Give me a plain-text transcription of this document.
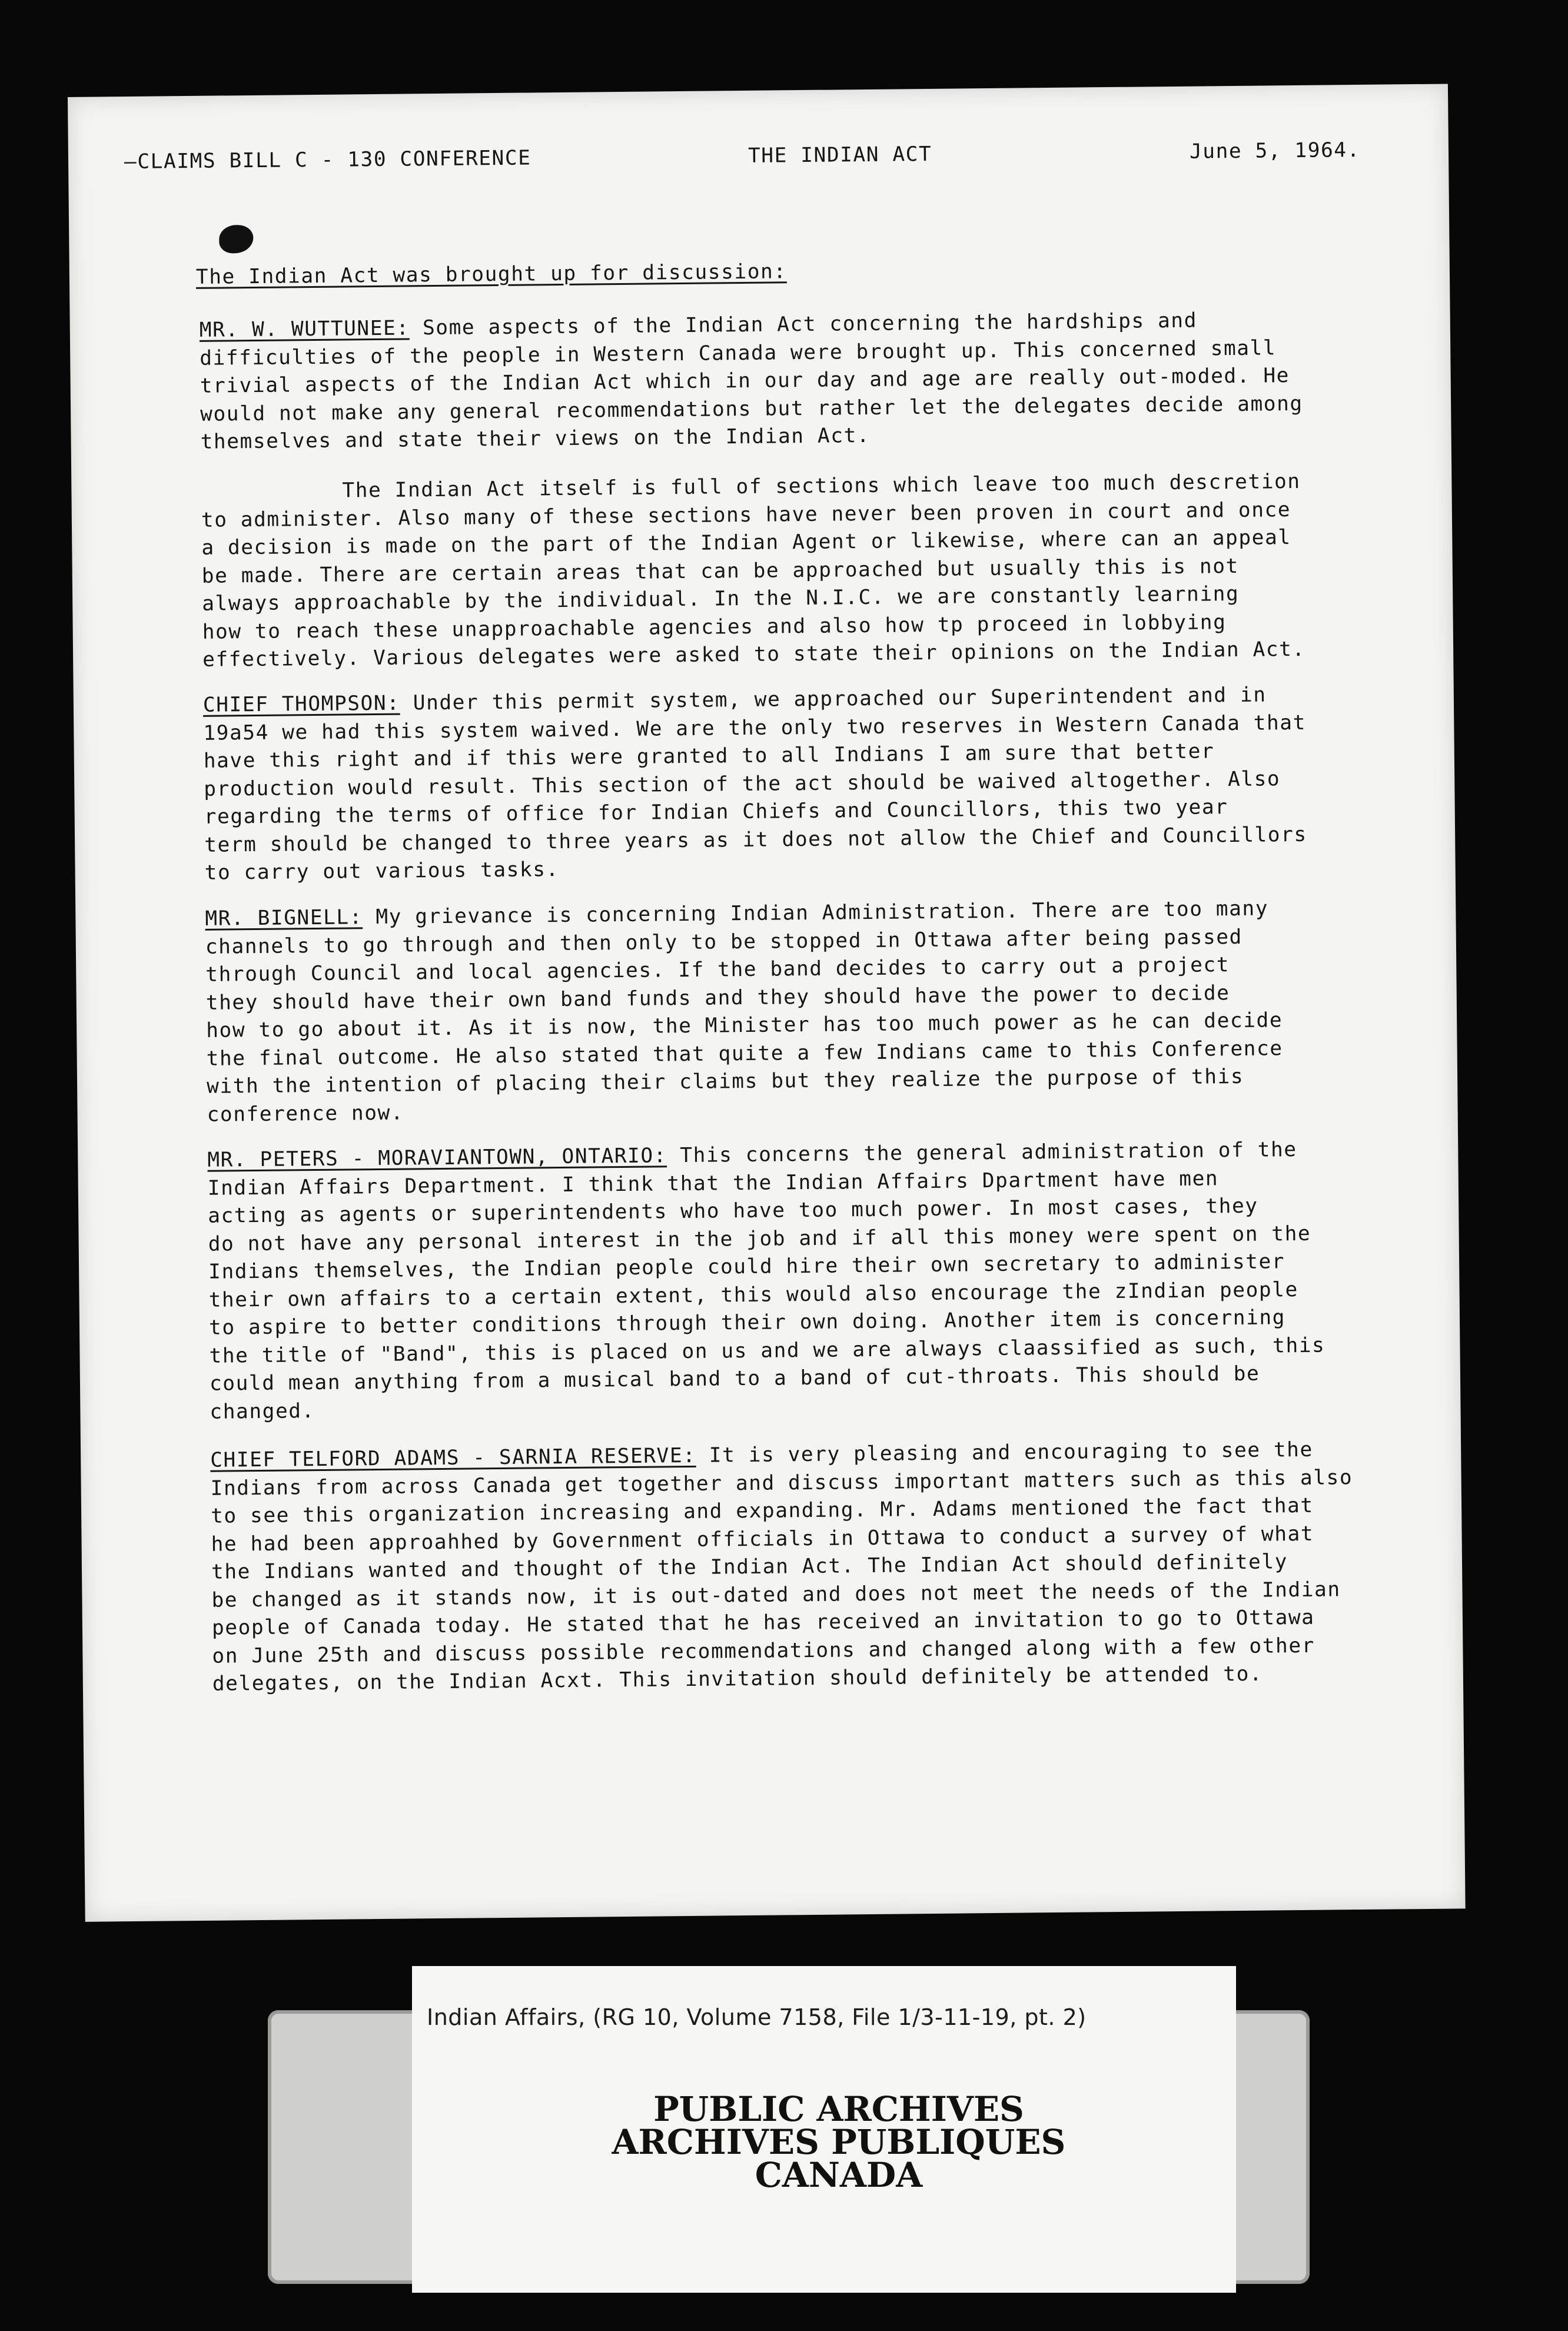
—CLAIMS BILL C - 130 CONFERENCE	THE INDIAN ACT	June 5, 1964.
The Indian Act was brought up for discussion:
MR. W. WUTTUNEE: Some aspects of the Indian Act concerning the hardships and
difficulties of the people in Western Canada were brought up. This concerned small
trivial aspects of the Indian Act which in our day and age are really out-moded. He
would not make any general recommendations but rather let the delegates decide among
themselves and state their views on the Indian Act.
The Indian Act itself is full of sections which leave too much descretion
to administer. Also many of these sections have never been proven in court and once
a decision is made on the part of the Indian Agent or likewise, where can an appeal
be made. There are certain areas that can be approached but usually this is not
always approachable by the individual. In the N.I.C. we are constantly learning
how to reach these unapproachable agencies and also how tp proceed in lobbying
effectively. Various delegates were asked to state their opinions on the Indian Act.
CHIEF THOMPSON: Under this permit system, we approached our Superintendent and in
19a54 we had this system waived. We are the only two reserves in Western Canada that
have this right and if this were granted to all Indians I am sure that better
production would result. This section of the act should be waived altogether. Also
regarding the terms of office for Indian Chiefs and Councillors, this two year
term should be changed to three years as it does not allow the Chief and Councillors
to carry out various tasks.
MR. BIGNELL: My grievance is concerning Indian Administration. There are too many
channels to go through and then only to be stopped in Ottawa after being passed
through Council and local agencies. If the band decides to carry out a project
they should have their own band funds and they should have the power to decide
how to go about it. As it is now, the Minister has too much power as he can decide
the final outcome. He also stated that quite a few Indians came to this Conference
with the intention of placing their claims but they realize the purpose of this
conference now.
MR. PETERS - MORAVIANTOWN, ONTARIO: This concerns the general administration of the
Indian Affairs Department. I think that the Indian Affairs Dpartment have men
acting as agents or superintendents who have too much power. In most cases, they
do not have any personal interest in the job and if all this money were spent on the
Indians themselves, the Indian people could hire their own secretary to administer
their own affairs to a certain extent, this would also encourage the zIndian people
to aspire to better conditions through their own doing. Another item is concerning
the title of "Band", this is placed on us and we are always claassified as such, this
could mean anything from a musical band to a band of cut-throats. This should be
changed.
CHIEF TELFORD ADAMS - SARNIA RESERVE: It is very pleasing and encouraging to see the
Indians from across Canada get together and discuss important matters such as this also
to see this organization increasing and expanding. Mr. Adams mentioned the fact that
he had been approahhed by Government officials in Ottawa to conduct a survey of what
the Indians wanted and thought of the Indian Act. The Indian Act should definitely
be changed as it stands now, it is out-dated and does not meet the needs of the Indian
people of Canada today. He stated that he has received an invitation to go to Ottawa
on June 25th and discuss possible recommendations and changed along with a few other
delegates, on the Indian Acxt. This invitation should definitely be attended to.
Indian Affairs, (RG 10, Volume 7158, File 1/3-11-19, pt. 2)
PUBLIC ARCHIVES
ARCHIVES PUBLIQUES
CANADA
